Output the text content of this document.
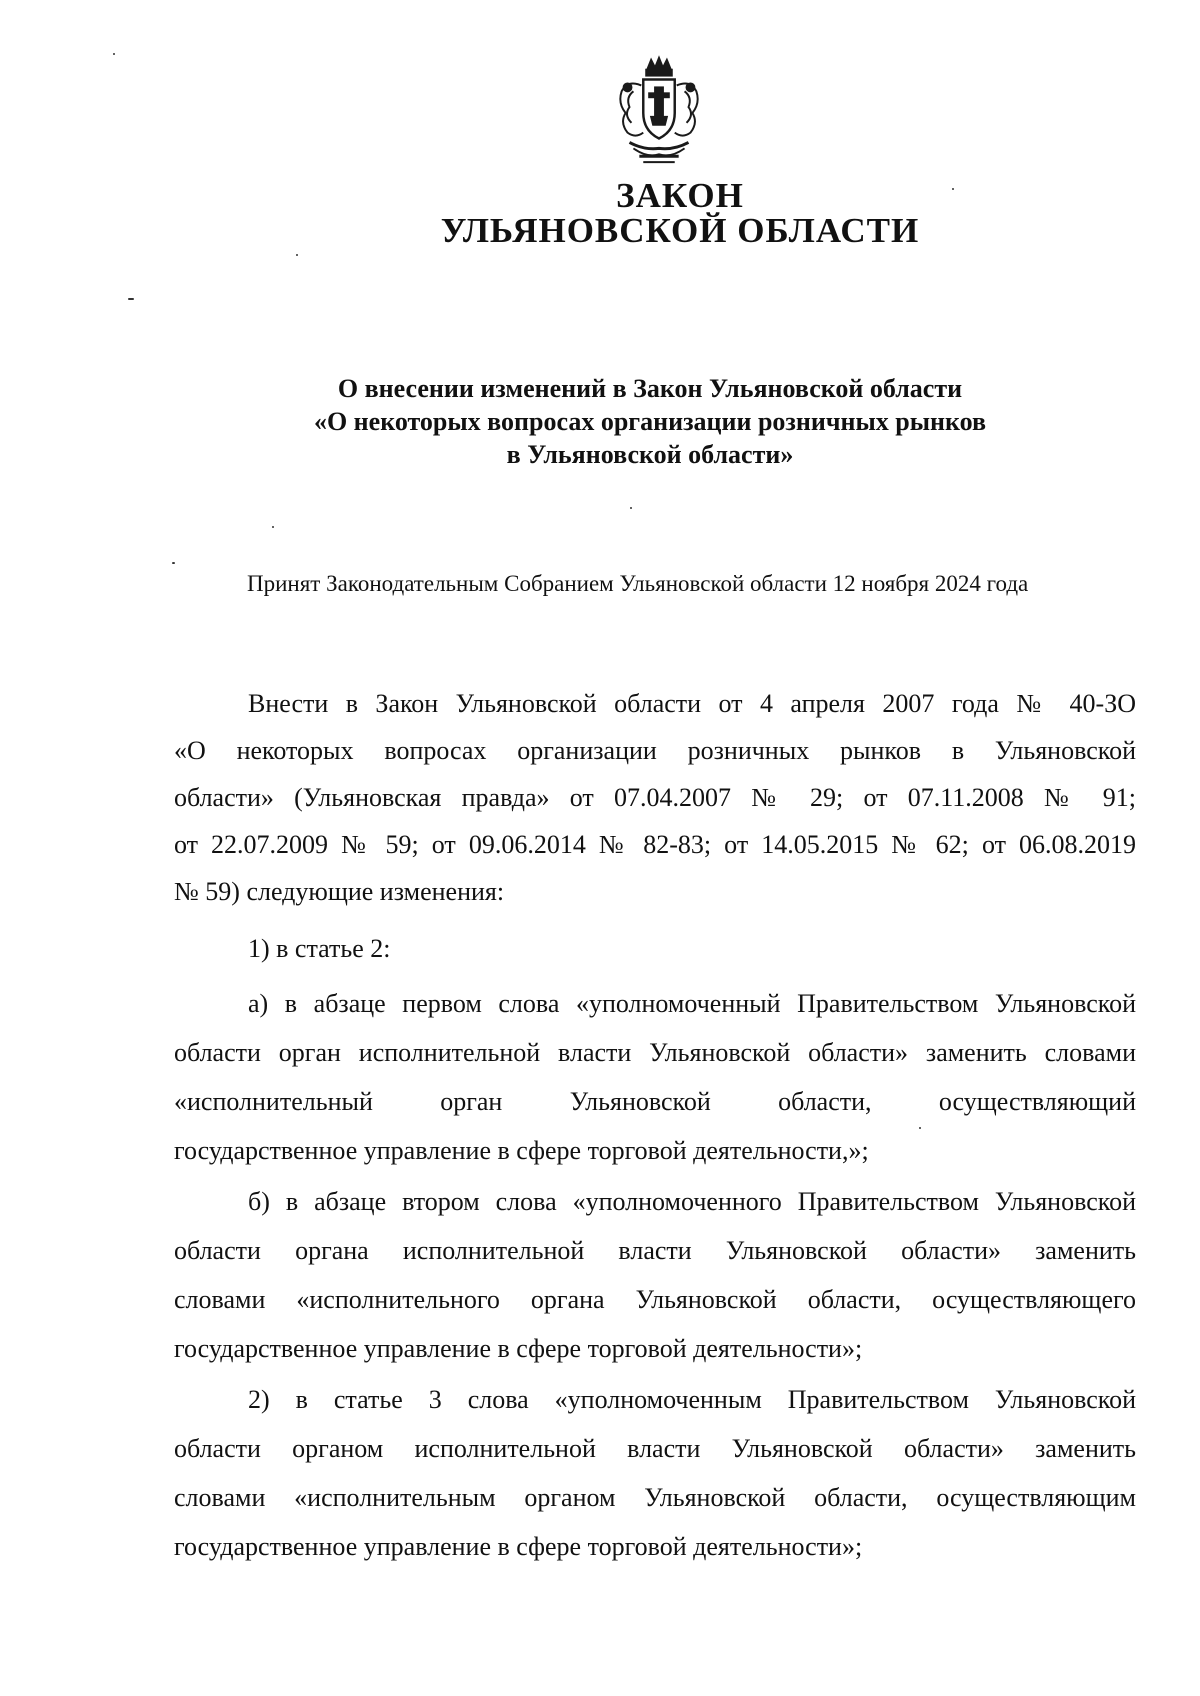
ЗАКОН
УЛЬЯНОВСКОЙ ОБЛАСТИ
О внесении изменений в Закон Ульяновской области
«О некоторых вопросах организации розничных рынков
в Ульяновской области»

Принят Законодательным Собранием Ульяновской области 12 ноября 2024 года

Внести в Закон Ульяновской области от 4 апреля 2007 года № 40-ЗО
«О некоторых вопросах организации розничных рынков в Ульяновской
области» (Ульяновская правда» от 07.04.2007 № 29; от 07.11.2008 № 91;
от 22.07.2009 № 59; от 09.06.2014 № 82-83; от 14.05.2015 № 62; от 06.08.2019
№ 59) следующие изменения:
1) в статье 2:
а) в абзаце первом слова «уполномоченный Правительством Ульяновской
области орган исполнительной власти Ульяновской области» заменить словами
«исполнительный орган Ульяновской области, осуществляющий
государственное управление в сфере торговой деятельности,»;
б) в абзаце втором слова «уполномоченного Правительством Ульяновской
области органа исполнительной власти Ульяновской области» заменить
словами «исполнительного органа Ульяновской области, осуществляющего
государственное управление в сфере торговой деятельности»;
2) в статье 3 слова «уполномоченным Правительством Ульяновской
области органом исполнительной власти Ульяновской области» заменить
словами «исполнительным органом Ульяновской области, осуществляющим
государственное управление в сфере торговой деятельности»;
